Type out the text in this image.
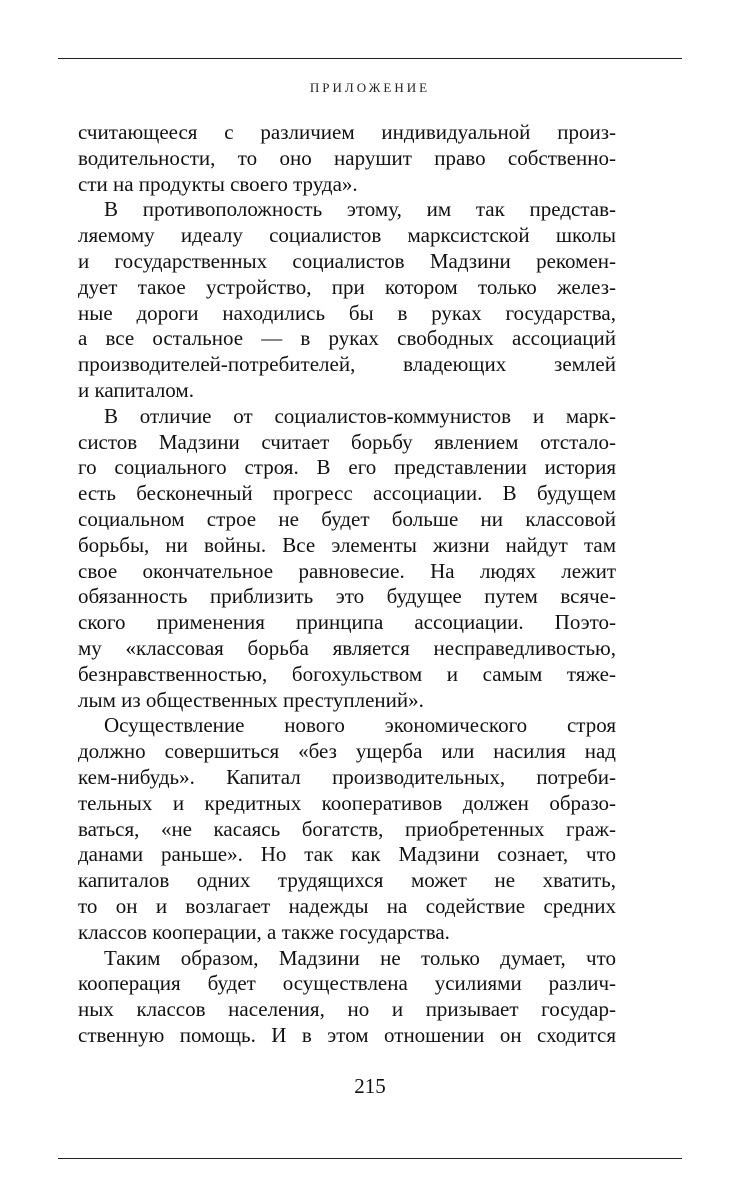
ПРИЛОЖЕНИЕ
считающееся с различием индивидуальной произ-
водительности, то оно нарушит право собственно-
сти на продукты своего труда».
В противоположность этому, им так представ-
ляемому идеалу социалистов марксистской школы
и государственных социалистов Мадзини рекомен-
дует такое устройство, при котором только желез-
ные дороги находились бы в руках государства,
а все остальное — в руках свободных ассоциаций
производителей-потребителей, владеющих землей
и капиталом.
В отличие от социалистов-коммунистов и марк-
систов Мадзини считает борьбу явлением отстало-
го социального строя. В его представлении история
есть бесконечный прогресс ассоциации. В будущем
социальном строе не будет больше ни классовой
борьбы, ни войны. Все элементы жизни найдут там
свое окончательное равновесие. На людях лежит
обязанность приблизить это будущее путем всяче-
ского применения принципа ассоциации. Поэто-
му «классовая борьба является несправедливостью,
безнравственностью, богохульством и самым тяже-
лым из общественных преступлений».
Осуществление нового экономического строя
должно совершиться «без ущерба или насилия над
кем-нибудь». Капитал производительных, потреби-
тельных и кредитных кооперативов должен образо-
ваться, «не касаясь богатств, приобретенных граж-
данами раньше». Но так как Мадзини сознает, что
капиталов одних трудящихся может не хватить,
то он и возлагает надежды на содействие средних
классов кооперации, а также государства.
Таким образом, Мадзини не только думает, что
кооперация будет осуществлена усилиями различ-
ных классов населения, но и призывает государ-
ственную помощь. И в этом отношении он сходится
215
